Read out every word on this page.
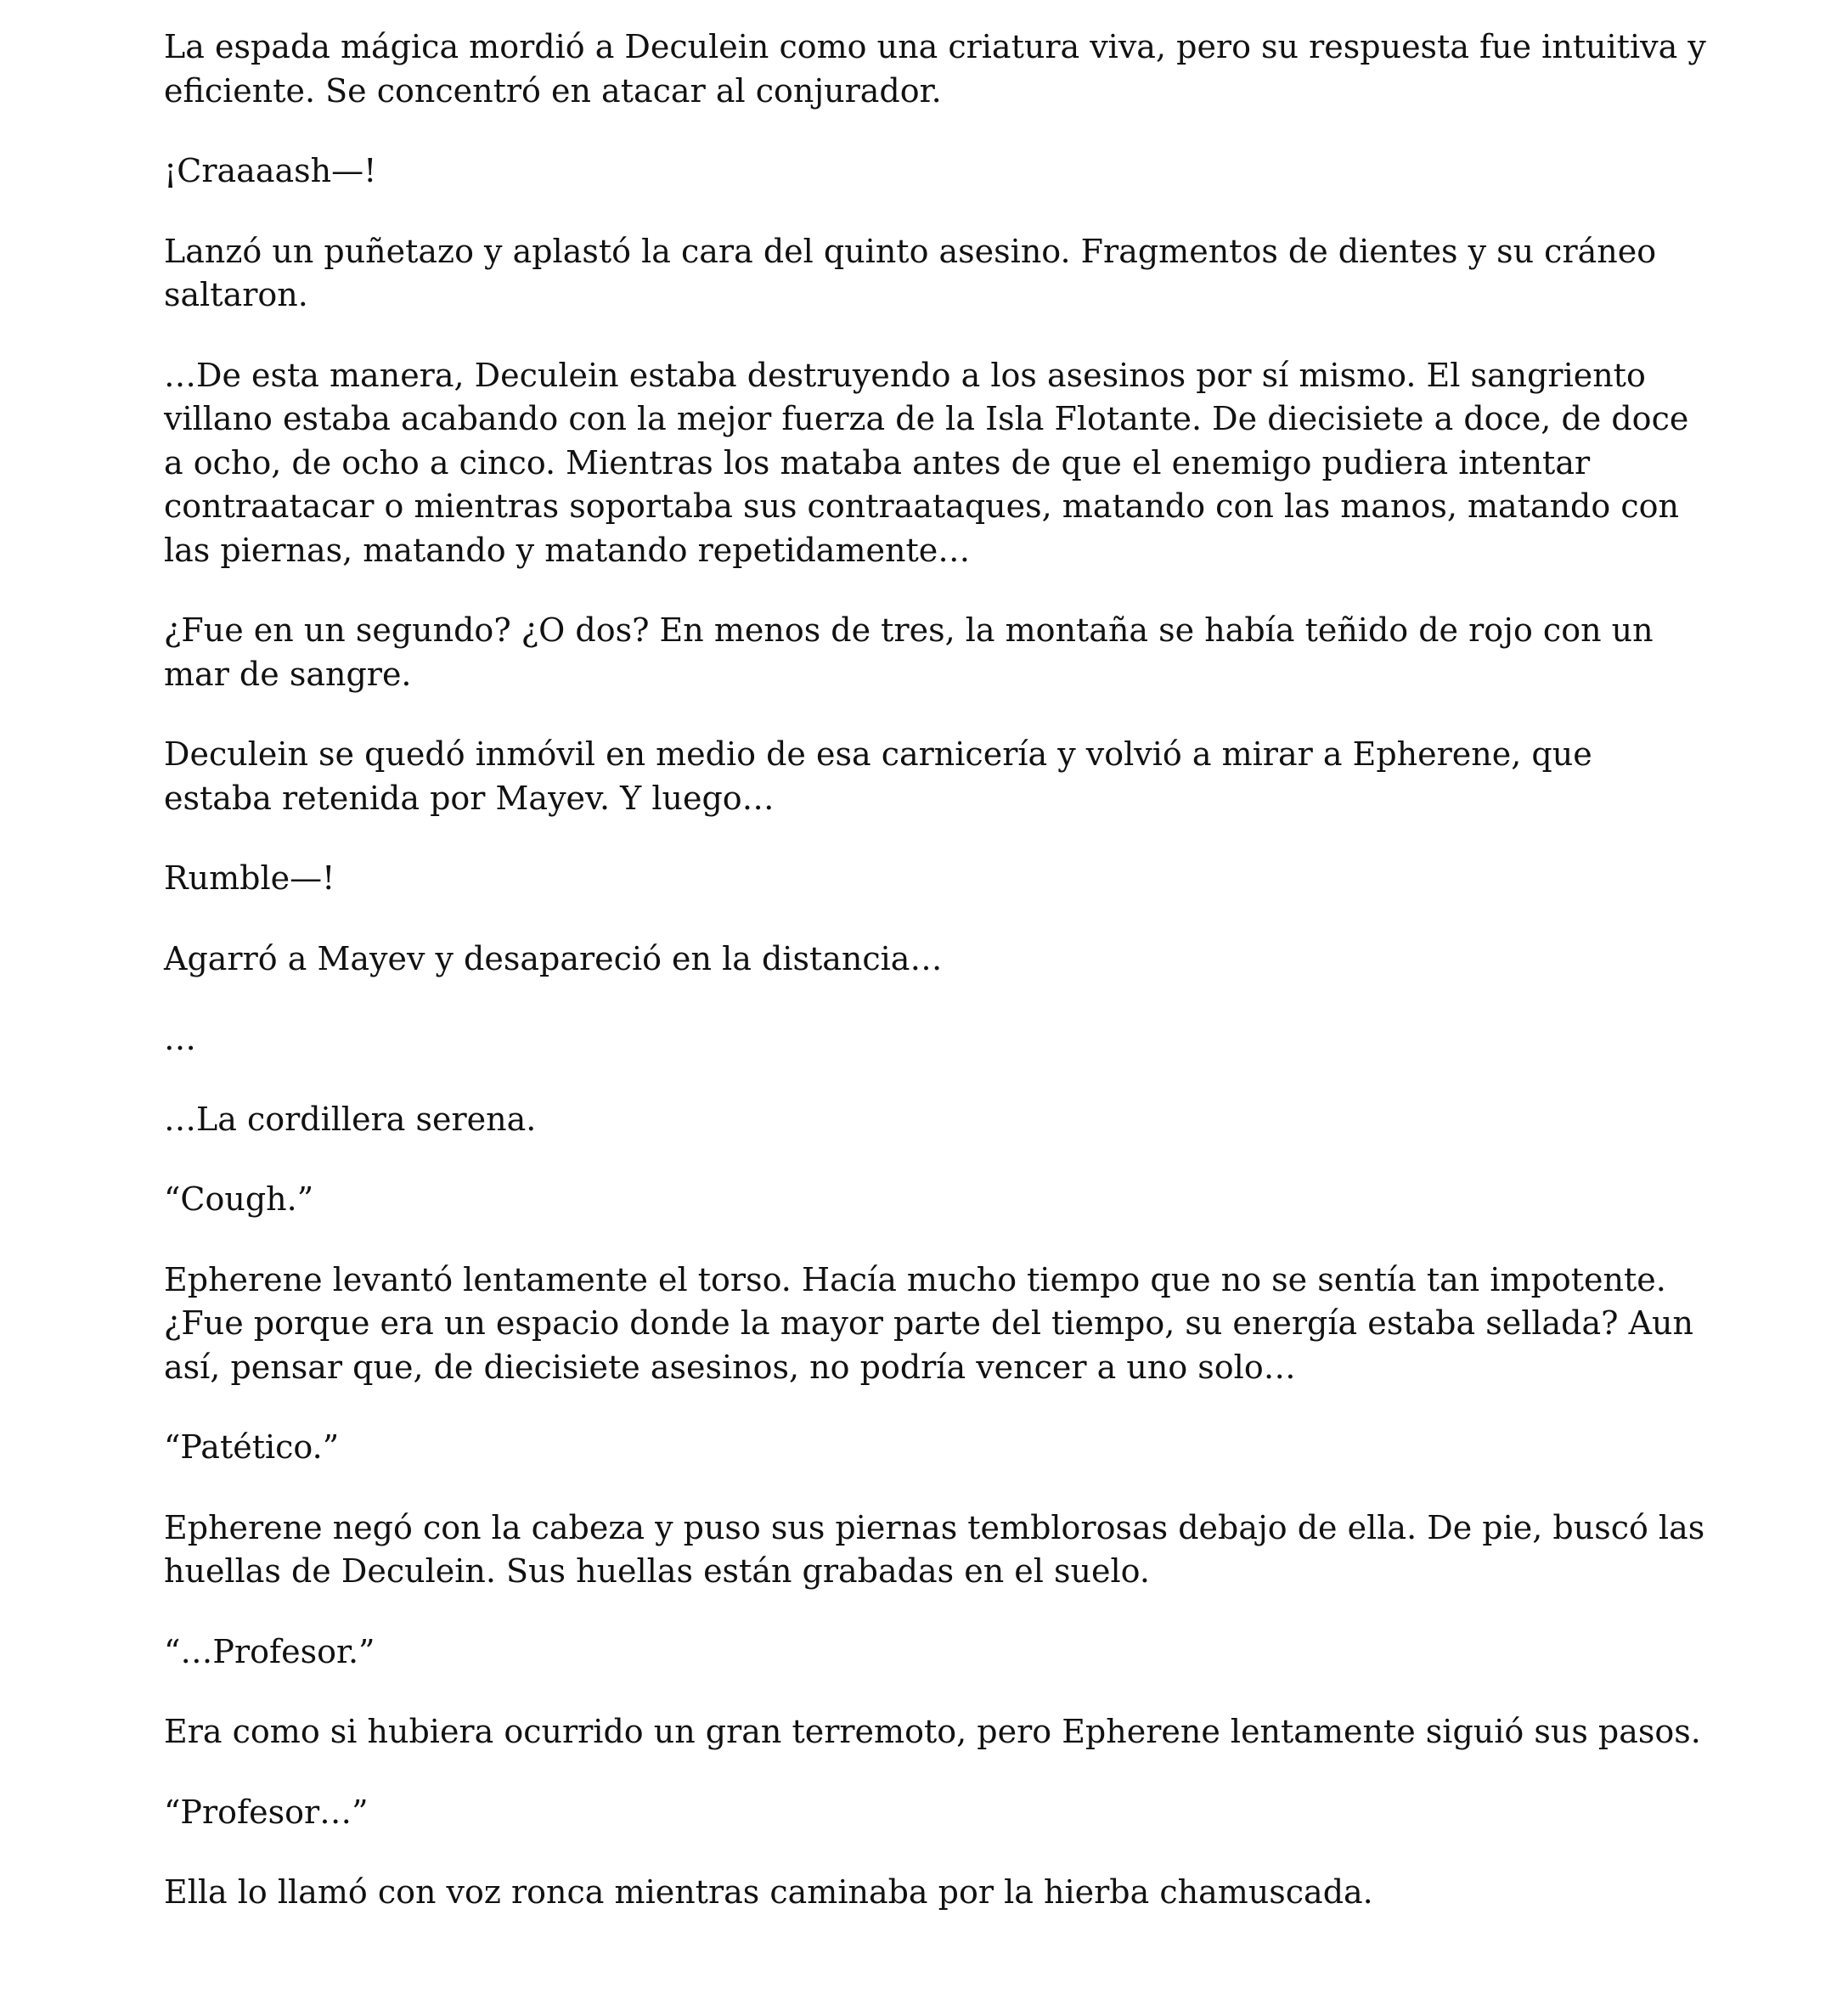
La espada mágica mordió a Deculein como una criatura viva, pero su respuesta fue intuitiva y eficiente. Se concentró en atacar al conjurador.

¡Craaaash—!

Lanzó un puñetazo y aplastó la cara del quinto asesino. Fragmentos de dientes y su cráneo saltaron.

…De esta manera, Deculein estaba destruyendo a los asesinos por sí mismo. El sangriento villano estaba acabando con la mejor fuerza de la Isla Flotante. De diecisiete a doce, de doce a ocho, de ocho a cinco. Mientras los mataba antes de que el enemigo pudiera intentar contraatacar o mientras soportaba sus contraataques, matando con las manos, matando con las piernas, matando y matando repetidamente…

¿Fue en un segundo? ¿O dos? En menos de tres, la montaña se había teñido de rojo con un mar de sangre.

Deculein se quedó inmóvil en medio de esa carnicería y volvió a mirar a Epherene, que estaba retenida por Mayev. Y luego…

Rumble—!

Agarró a Mayev y desapareció en la distancia…

…

…La cordillera serena.

“Cough.”

Epherene levantó lentamente el torso. Hacía mucho tiempo que no se sentía tan impotente. ¿Fue porque era un espacio donde la mayor parte del tiempo, su energía estaba sellada? Aun así, pensar que, de diecisiete asesinos, no podría vencer a uno solo…

“Patético.”

Epherene negó con la cabeza y puso sus piernas temblorosas debajo de ella. De pie, buscó las huellas de Deculein. Sus huellas están grabadas en el suelo.

“…Profesor.”

Era como si hubiera ocurrido un gran terremoto, pero Epherene lentamente siguió sus pasos.

“Profesor…”

Ella lo llamó con voz ronca mientras caminaba por la hierba chamuscada.
